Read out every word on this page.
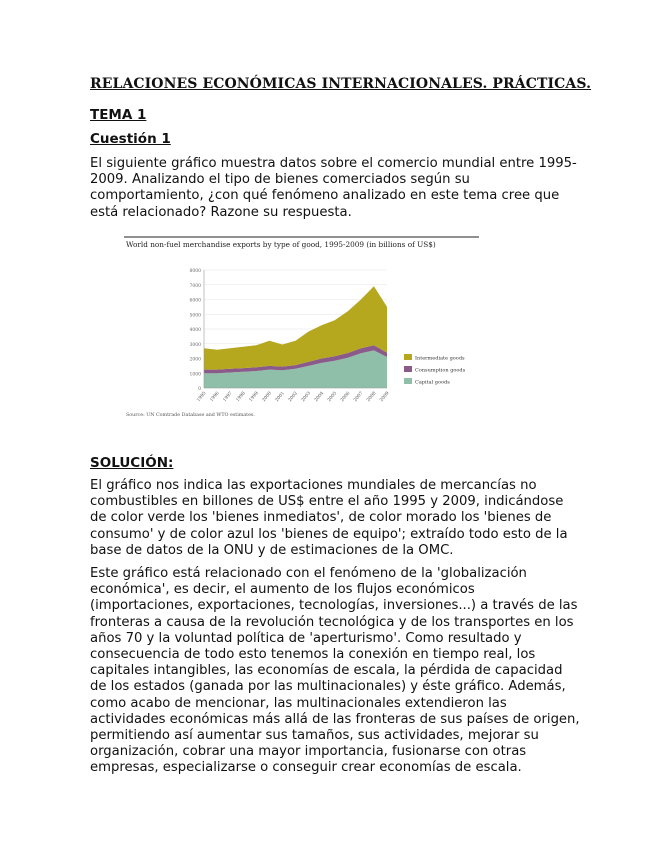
RELACIONES ECONÓMICAS INTERNACIONALES. PRÁCTICAS.
TEMA 1
Cuestión 1

El siguiente gráfico muestra datos sobre el comercio mundial entre 1995-2009. Analizando el tipo de bienes comerciados según su comportamiento, ¿con qué fenómeno analizado en este tema cree que está relacionado? Razone su respuesta.

World non-fuel merchandise exports by type of good, 1995-2009 (in billions of US$)
0
1000
2000
3000
4000
5000
6000
7000
8000
1995 1996 1997 1998 1999 2000 2001 2002 2003 2004 2005 2006 2007 2008 2009
Intermediate goods
Consumption goods
Capital goods
Source: UN Comtrade Database and WTO estimates.
SOLUCIÓN:

El gráfico nos indica las exportaciones mundiales de mercancías no combustibles en billones de US$ entre el año 1995 y 2009, indicándose de color verde los 'bienes inmediatos', de color morado los 'bienes de consumo' y de color azul los 'bienes de equipo'; extraído todo esto de la base de datos de la ONU y de estimaciones de la OMC.

Este gráfico está relacionado con el fenómeno de la 'globalización económica', es decir, el aumento de los flujos económicos (importaciones, exportaciones, tecnologías, inversiones...) a través de las fronteras a causa de la revolución tecnológica y de los transportes en los años 70 y la voluntad política de 'aperturismo'. Como resultado y consecuencia de todo esto tenemos la conexión en tiempo real, los capitales intangibles, las economías de escala, la pérdida de capacidad de los estados (ganada por las multinacionales) y éste gráfico. Además, como acabo de mencionar, las multinacionales extendieron las actividades económicas más allá de las fronteras de sus países de origen, permitiendo así aumentar sus tamaños, sus actividades, mejorar su organización, cobrar una mayor importancia, fusionarse con otras empresas, especializarse o conseguir crear economías de escala.
